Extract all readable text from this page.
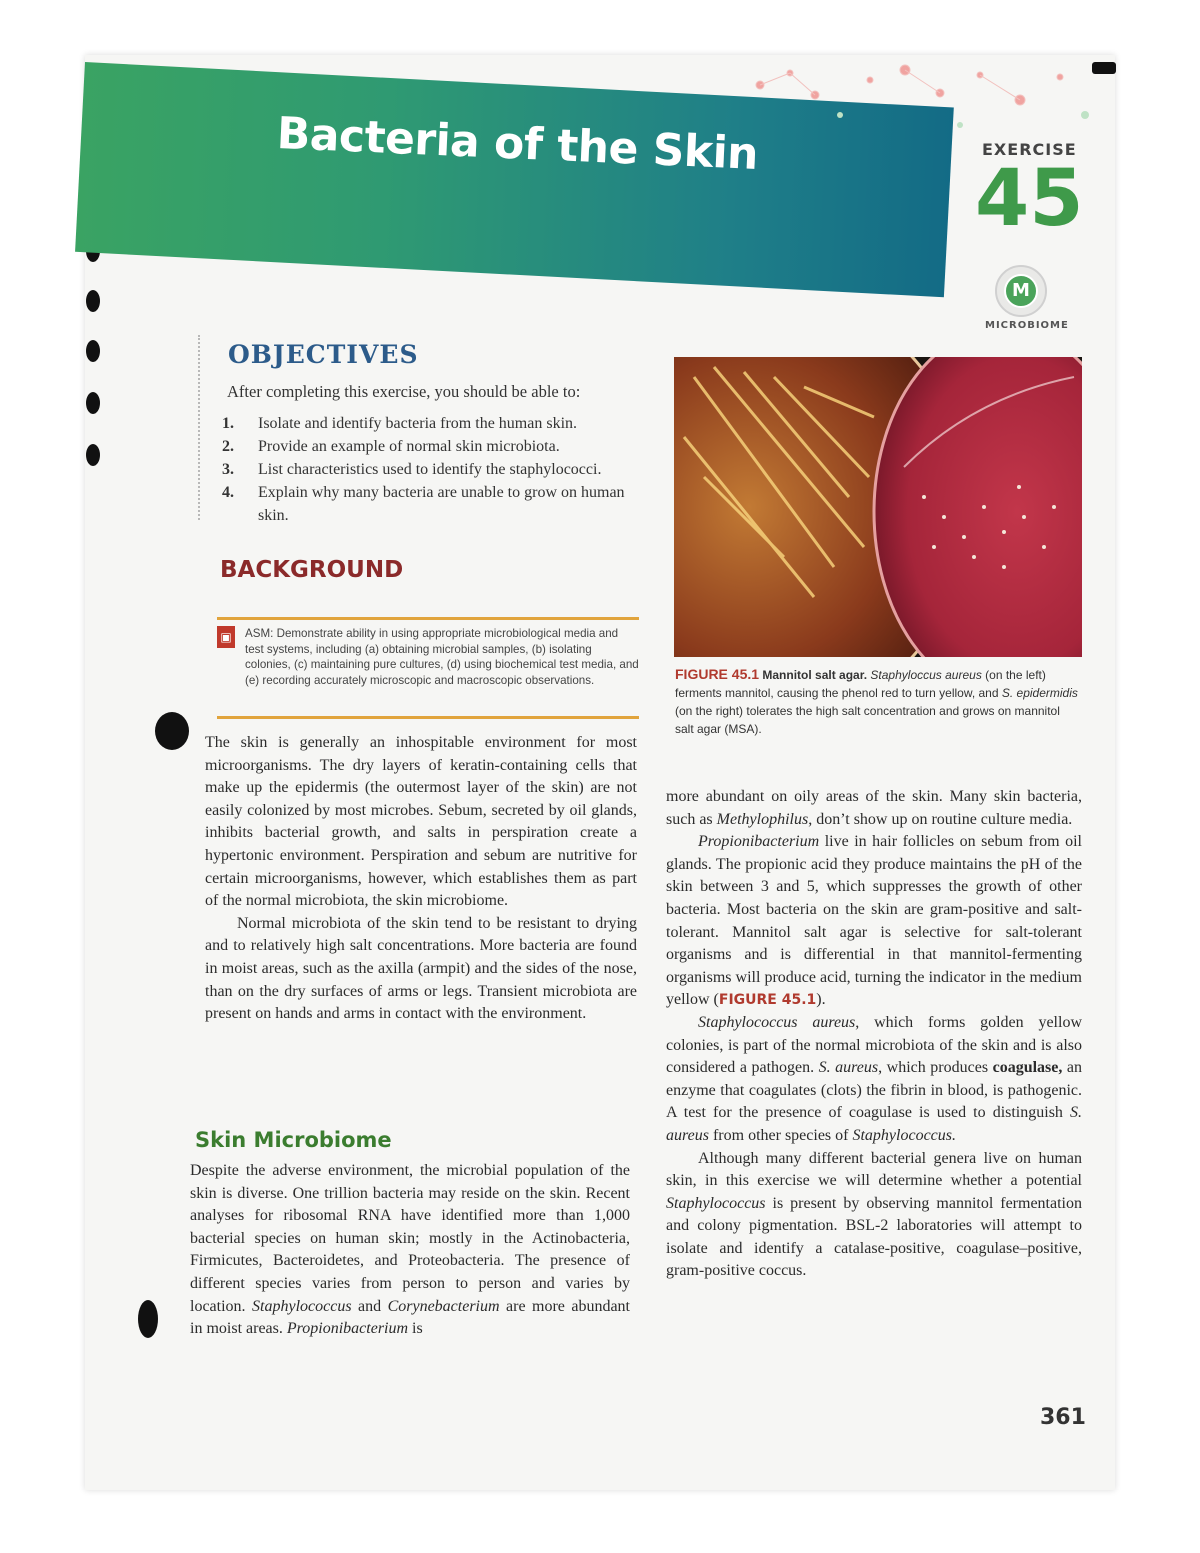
Bacteria of the Skin	EXERCISE
45
M
MICROBIOME
OBJECTIVES
After completing this exercise, you should be able to:
1. Isolate and identify bacteria from the human skin.
2. Provide an example of normal skin microbiota.
3. List characteristics used to identify the staphylococci.
4. Explain why many bacteria are unable to grow on human skin.
BACKGROUND
▣ ASM: Demonstrate ability in using appropriate microbiological media and test systems, including (a) obtaining microbial samples, (b) isolating colonies, (c) maintaining pure cultures, (d) using biochemical test media, and (e) recording accurately microscopic and macroscopic observations.

The skin is generally an inhospitable environment for most microorganisms. The dry layers of keratin-containing cells that make up the epidermis (the outermost layer of the skin) are not easily colonized by most microbes. Sebum, secreted by oil glands, inhibits bacterial growth, and salts in perspiration create a hypertonic environment. Perspiration and sebum are nutritive for certain microorganisms, however, which establishes them as part of the normal microbiota, the skin microbiome.

Normal microbiota of the skin tend to be resistant to drying and to relatively high salt concentrations. More bacteria are found in moist areas, such as the axilla (armpit) and the sides of the nose, than on the dry surfaces of arms or legs. Transient microbiota are present on hands and arms in contact with the environment.

Skin Microbiome

Despite the adverse environment, the microbial population of the skin is diverse. One trillion bacteria may reside on the skin. Recent analyses for ribosomal RNA have identified more than 1,000 bacterial species on human skin; mostly in the Actinobacteria, Firmicutes, Bacteroidetes, and Proteobacteria. The presence of different species varies from person to person and varies by location. Staphylococcus and Corynebacterium are more abundant in moist areas. Propionibacterium is

FIGURE 45.1 Mannitol salt agar. Staphyloccus aureus (on the left) ferments mannitol, causing the phenol red to turn yellow, and S. epidermidis (on the right) tolerates the high salt concentration and grows on mannitol salt agar (MSA).

more abundant on oily areas of the skin. Many skin bacteria, such as Methylophilus, don’t show up on routine culture media.

Propionibacterium live in hair follicles on sebum from oil glands. The propionic acid they produce maintains the pH of the skin between 3 and 5, which suppresses the growth of other bacteria. Most bacteria on the skin are gram-positive and salt-tolerant. Mannitol salt agar is selective for salt-tolerant organisms and is differential in that mannitol-fermenting organisms will produce acid, turning the indicator in the medium yellow (FIGURE 45.1).

Staphylococcus aureus, which forms golden yellow colonies, is part of the normal microbiota of the skin and is also considered a pathogen. S. aureus, which produces coagulase, an enzyme that coagulates (clots) the fibrin in blood, is pathogenic. A test for the presence of coagulase is used to distinguish S. aureus from other species of Staphylococcus.

Although many different bacterial genera live on human skin, in this exercise we will determine whether a potential Staphylococcus is present by observing mannitol fermentation and colony pigmentation. BSL-2 laboratories will attempt to isolate and identify a catalase-positive, coagulase–positive, gram-positive coccus.

361
